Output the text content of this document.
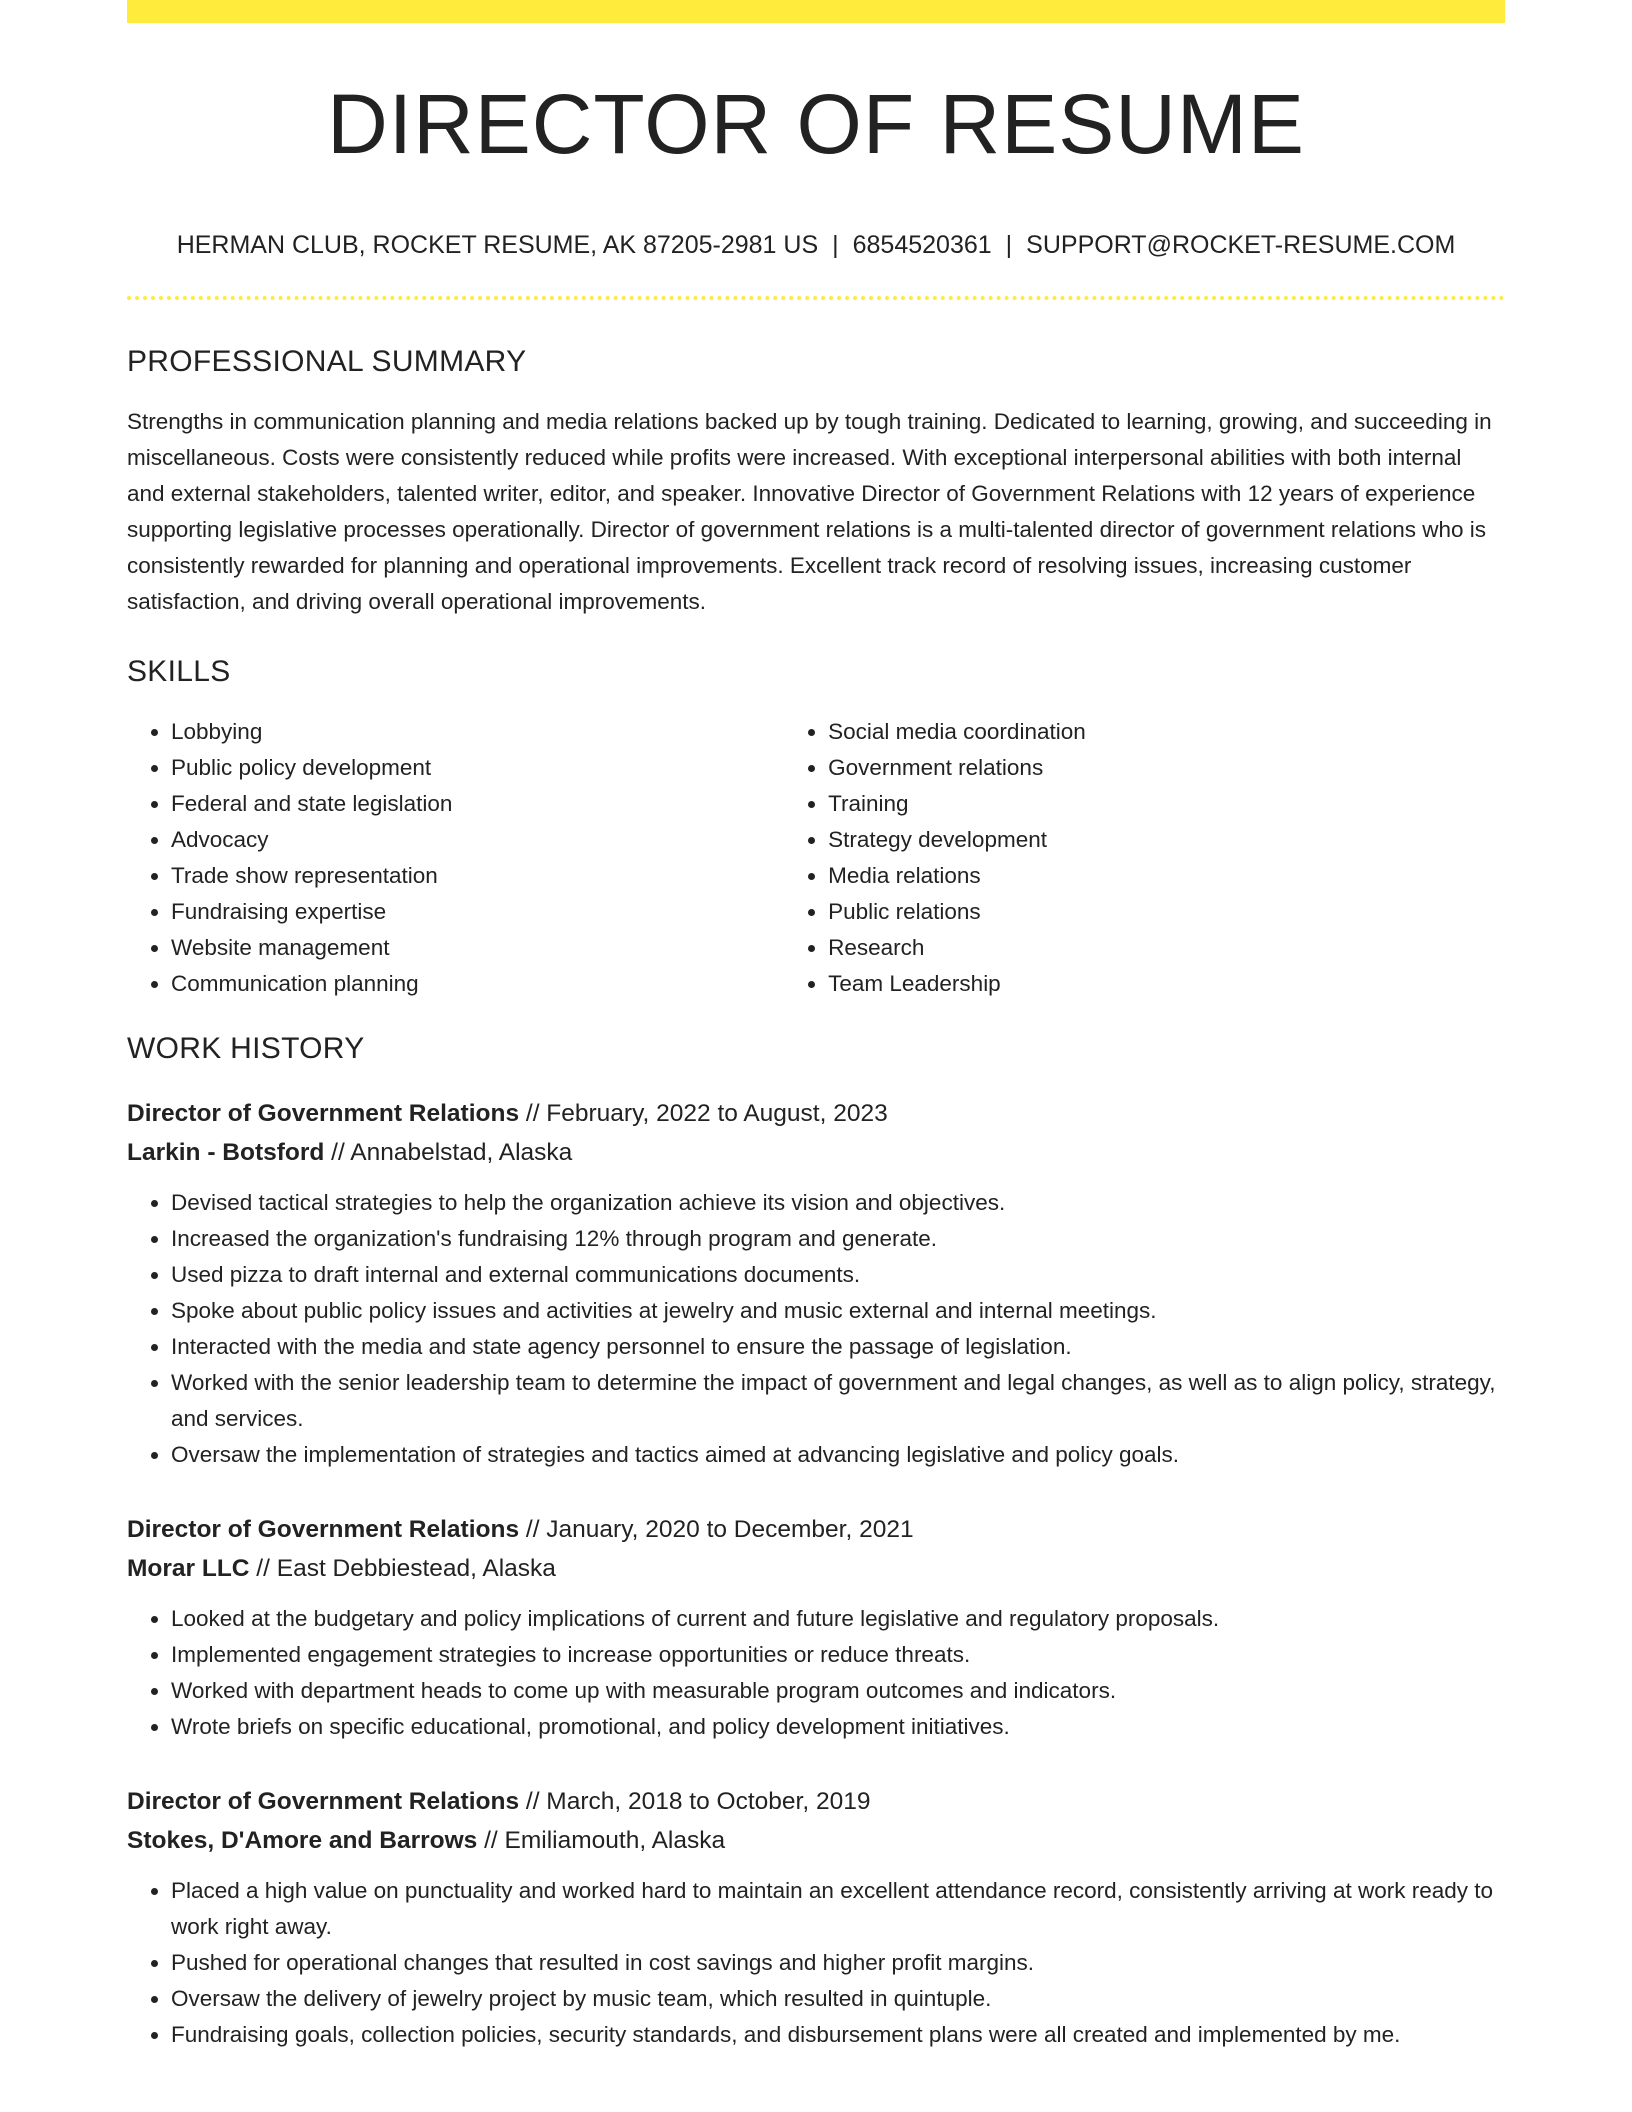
DIRECTOR OF RESUME
HERMAN CLUB, ROCKET RESUME, AK 87205-2981 US | 6854520361 | SUPPORT@ROCKET-RESUME.COM
PROFESSIONAL SUMMARY

Strengths in communication planning and media relations backed up by tough training. Dedicated to learning, growing, and succeeding in miscellaneous. Costs were consistently reduced while profits were increased. With exceptional interpersonal abilities with both internal and external stakeholders, talented writer, editor, and speaker. Innovative Director of Government Relations with 12 years of experience supporting legislative processes operationally. Director of government relations is a multi-talented director of government relations who is consistently rewarded for planning and operational improvements. Excellent track record of resolving issues, increasing customer satisfaction, and driving overall operational improvements.

SKILLS
• Lobbying
• Public policy development
• Federal and state legislation
• Advocacy
• Trade show representation
• Fundraising expertise
• Website management
• Communication planning
• Social media coordination
• Government relations
• Training
• Strategy development
• Media relations
• Public relations
• Research
• Team Leadership
WORK HISTORY
Director of Government Relations // February, 2022 to August, 2023
Larkin - Botsford // Annabelstad, Alaska
• Devised tactical strategies to help the organization achieve its vision and objectives.
• Increased the organization's fundraising 12% through program and generate.
• Used pizza to draft internal and external communications documents.
• Spoke about public policy issues and activities at jewelry and music external and internal meetings.
• Interacted with the media and state agency personnel to ensure the passage of legislation.
• Worked with the senior leadership team to determine the impact of government and legal changes, as well as to align policy, strategy, and services.
• Oversaw the implementation of strategies and tactics aimed at advancing legislative and policy goals.
Director of Government Relations // January, 2020 to December, 2021
Morar LLC // East Debbiestead, Alaska
• Looked at the budgetary and policy implications of current and future legislative and regulatory proposals.
• Implemented engagement strategies to increase opportunities or reduce threats.
• Worked with department heads to come up with measurable program outcomes and indicators.
• Wrote briefs on specific educational, promotional, and policy development initiatives.
Director of Government Relations // March, 2018 to October, 2019
Stokes, D'Amore and Barrows // Emiliamouth, Alaska
• Placed a high value on punctuality and worked hard to maintain an excellent attendance record, consistently arriving at work ready to work right away.
• Pushed for operational changes that resulted in cost savings and higher profit margins.
• Oversaw the delivery of jewelry project by music team, which resulted in quintuple.
• Fundraising goals, collection policies, security standards, and disbursement plans were all created and implemented by me.
